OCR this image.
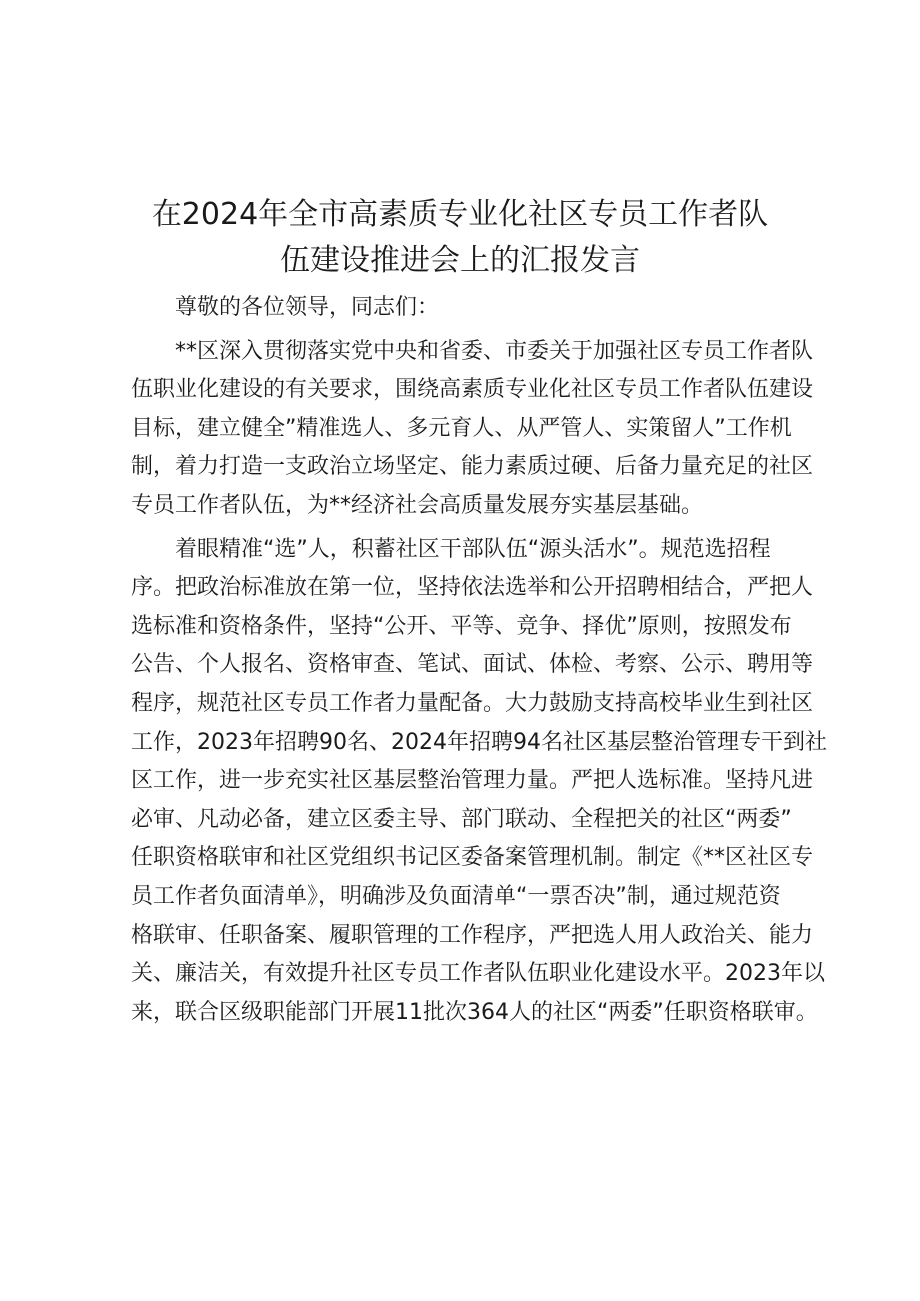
在2024年全市高素质专业化社区专员工作者队
伍建设推进会上的汇报发言
尊敬的各位领导，同志们：
**区深入贯彻落实党中央和省委、市委关于加强社区专员工作者队
伍职业化建设的有关要求，围绕高素质专业化社区专员工作者队伍建设
目标，建立健全”精准选人、多元育人、从严管人、实策留人”工作机
制，着力打造一支政治立场坚定、能力素质过硬、后备力量充足的社区
专员工作者队伍，为**经济社会高质量发展夯实基层基础。
着眼精准“选”人，积蓄社区干部队伍“源头活水”。规范选招程
序。把政治标准放在第一位，坚持依法选举和公开招聘相结合，严把人
选标准和资格条件，坚持“公开、平等、竞争、择优”原则，按照发布
公告、个人报名、资格审查、笔试、面试、体检、考察、公示、聘用等
程序，规范社区专员工作者力量配备。大力鼓励支持高校毕业生到社区
工作，2023年招聘90名、2024年招聘94名社区基层整治管理专干到社
区工作，进一步充实社区基层整治管理力量。严把人选标准。坚持凡进
必审、凡动必备，建立区委主导、部门联动、全程把关的社区“两委”
任职资格联审和社区党组织书记区委备案管理机制。制定《**区社区专
员工作者负面清单》，明确涉及负面清单“一票否决”制，通过规范资
格联审、任职备案、履职管理的工作程序，严把选人用人政治关、能力
关、廉洁关，有效提升社区专员工作者队伍职业化建设水平。2023年以
来，联合区级职能部门开展11批次364人的社区“两委”任职资格联审。
